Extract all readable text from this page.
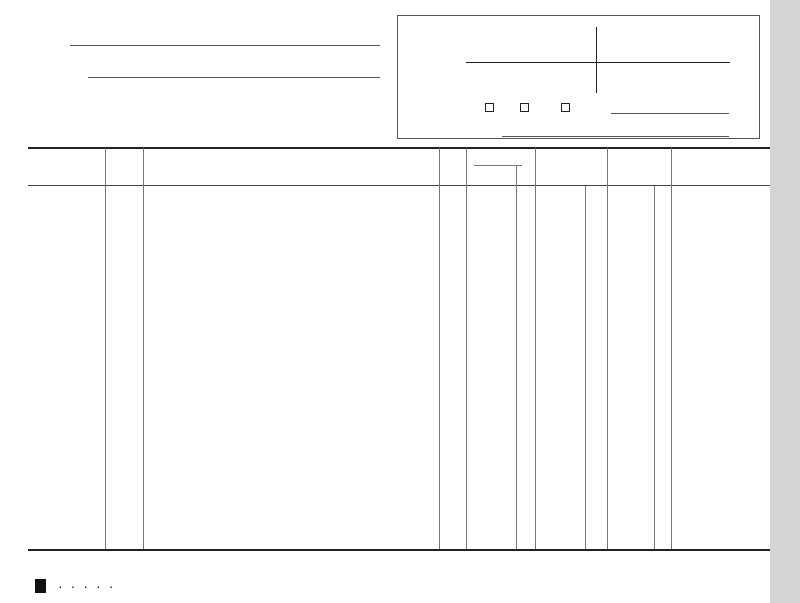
· · · · ·
